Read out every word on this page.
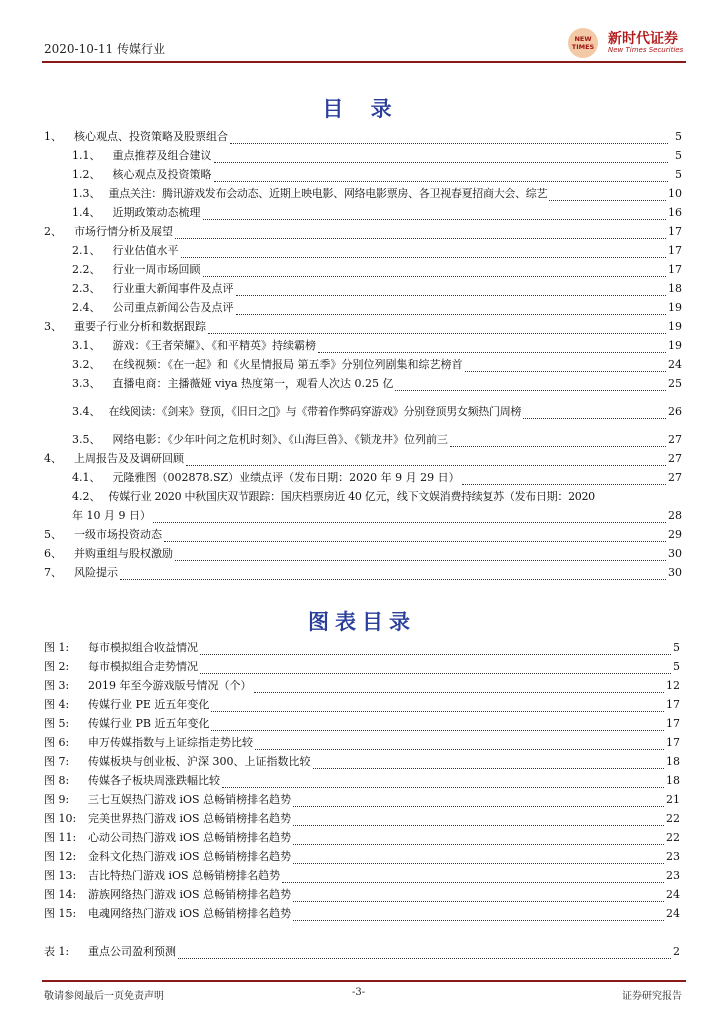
2020-10-11 传媒行业
NEW TIMES 新时代证券
New Times Securities
目 录
1、	核心观点、投资策略及股票组合	5
1.1、	重点推荐及组合建议	5
1.2、	核心观点及投资策略	5
1.3、 重点关注：腾讯游戏发布会动态、近期上映电影、网络电影票房、各卫视春夏招商大会、综艺	10
1.4、	近期政策动态梳理	16
2、	市场行情分析及展望	17
2.1、	行业估值水平	17
2.2、	行业一周市场回顾	17
2.3、	行业重大新闻事件及点评	18
2.4、	公司重点新闻公告及点评	19
3、	重要子行业分析和数据跟踪	19
3.1、	游戏：《王者荣耀》、《和平精英》持续霸榜	19
3.2、	在线视频：《在一起》和《火星情报局 第五季》分别位列剧集和综艺榜首	24
3.3、	直播电商：主播薇娅 viya 热度第一，观看人次达 0.25 亿	25
3.4、 在线阅读：《剑来》登顶，《旧日之𫎯》与《带着作弊码穿游戏》分别登顶男女频热门周榜	26
3.5、	网络电影：《少年叶问之危机时刻》、《山海巨兽》、《锁龙井》位列前三	27
4、	上周报告及及调研回顾	27
4.1、	元隆雅图（002878.SZ）业绩点评（发布日期：2020 年 9 月 29 日）	27
4.2、 传媒行业 2020 中秋国庆双节跟踪：国庆档票房近 40 亿元，线下文娱消费持续复苏（发布日期：2020
年 10 月 9 日）	28
5、	一级市场投资动态	29
6、	并购重组与股权激励	30
7、	风险提示	30
图表目录
图 1:	每市模拟组合收益情况	5
图 2:	每市模拟组合走势情况	5
图 3:	2019 年至今游戏版号情况（个）	12
图 4:	传媒行业 PE 近五年变化	17
图 5:	传媒行业 PB 近五年变化	17
图 6:	申万传媒指数与上证综指走势比较	17
图 7:	传媒板块与创业板、沪深 300、上证指数比较	18
图 8:	传媒各子板块周涨跌幅比较	18
图 9:	三七互娱热门游戏 iOS 总畅销榜排名趋势	21
图 10:	完美世界热门游戏 iOS 总畅销榜排名趋势	22
图 11:	心动公司热门游戏 iOS 总畅销榜排名趋势	22
图 12:	金科文化热门游戏 iOS 总畅销榜排名趋势	23
图 13:	吉比特热门游戏 iOS 总畅销榜排名趋势	23
图 14:	游族网络热门游戏 iOS 总畅销榜排名趋势	24
图 15:	电魂网络热门游戏 iOS 总畅销榜排名趋势	24
表 1:	重点公司盈利预测	2
敬请参阅最后一页免责声明	-3-	证券研究报告
